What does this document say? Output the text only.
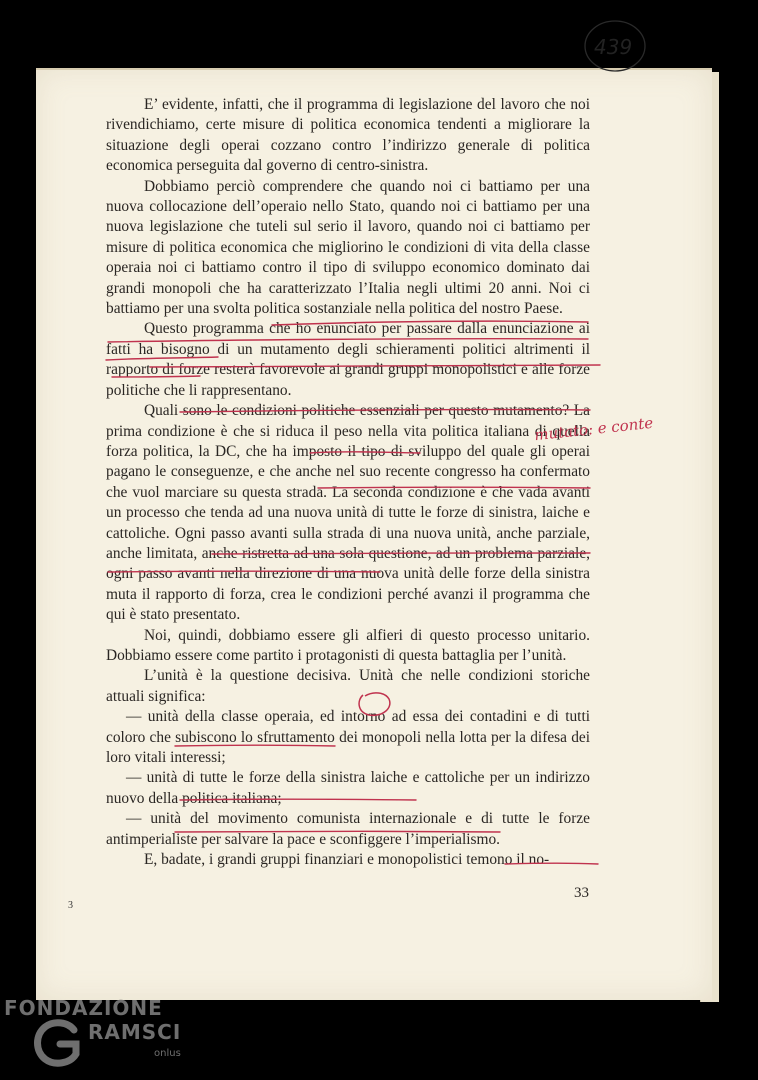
439

E’ evidente, infatti, che il programma di legislazione del lavoro che noi rivendichiamo, certe misure di politica economica tendenti a migliorare la situazione degli operai cozzano contro l’indirizzo generale di politica economica perseguita dal governo di centro-sinistra.

Dobbiamo perciò comprendere che quando noi ci battiamo per una nuova collocazione dell’operaio nello Stato, quando noi ci battiamo per una nuova legislazione che tuteli sul serio il lavoro, quando noi ci battiamo per misure di politica economica che migliorino le condizioni di vita della classe operaia noi ci battiamo contro il tipo di sviluppo economico dominato dai grandi monopoli che ha caratterizzato l’Italia negli ultimi 20 anni. Noi ci battiamo per una svolta politica sostanziale nella politica del nostro Paese.

Questo programma che ho enunciato per passare dalla enunciazione ai fatti ha bisogno di un mutamento degli schieramenti politici altrimenti il rapporto di forze resterà favorevole ai grandi gruppi monopolistici e alle forze politiche che li rappresentano.

Quali sono le condizioni politiche essenziali per questo mutamento? La prima condizione è che si riduca il peso nella vita politica italiana di quella forza politica, la DC, che ha imposto il tipo di sviluppo del quale gli operai pagano le conseguenze, e che anche nel suo recente congresso ha confermato che vuol marciare su questa strada. La seconda condizione è che vada avanti un processo che tenda ad una nuova unità di tutte le forze di sinistra, laiche e cattoliche. Ogni passo avanti sulla strada di una nuova unità, anche parziale, anche limitata, anche ristretta ad una sola questione, ad un problema parziale, ogni passo avanti nella direzione di una nuova unità delle forze della sinistra muta il rapporto di forza, crea le condizioni perché avanzi il programma che qui è stato presentato.

Noi, quindi, dobbiamo essere gli alfieri di questo processo unitario. Dobbiamo essere come partito i protagonisti di questa battaglia per l’unità.

L’unità è la questione decisiva. Unità che nelle condizioni storiche attuali significa:

— unità della classe operaia, ed intorno ad essa dei contadini e di tutti coloro che subiscono lo sfruttamento dei monopoli nella lotta per la difesa dei loro vitali interessi;

— unità di tutte le forze della sinistra laiche e cattoliche per un indirizzo nuovo della politica italiana;

— unità del movimento comunista internazionale e di tutte le forze antimperialiste per salvare la pace e sconfiggere l’imperialismo.

E, badate, i grandi gruppi finanziari e monopolistici temono il no-

mutato: e conte
3
33
FONDAZIONE
RAMSCI
onlus
